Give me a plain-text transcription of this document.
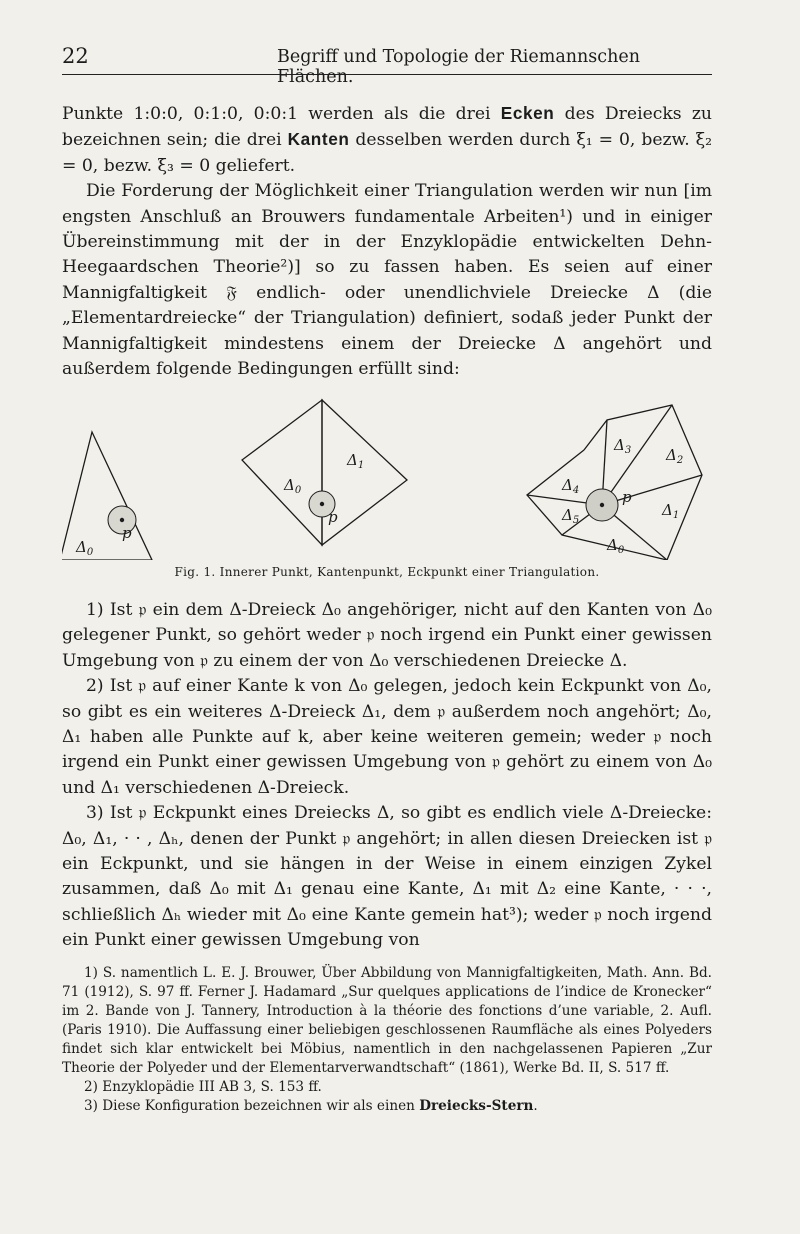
22	Begriff und Topologie der Riemannschen Flächen.

Punkte 1:0:0, 0:1:0, 0:0:1 werden als die drei Ecken des Dreiecks zu bezeichnen sein; die drei Kanten desselben werden durch ξ₁ = 0, bezw. ξ₂ = 0, bezw. ξ₃ = 0 geliefert.

Die Forderung der Möglichkeit einer Triangulation werden wir nun [im engsten Anschluß an Brouwers fundamentale Arbeiten¹) und in einiger Übereinstimmung mit der in der Enzyklopädie entwickelten Dehn-Heegaardschen Theorie²)] so zu fassen haben. Es seien auf einer Mannigfaltigkeit 𝔉 endlich- oder unendlichviele Dreiecke Δ (die „Elementardreiecke“ der Triangulation) definiert, sodaß jeder Punkt der Mannigfaltigkeit mindestens einem der Dreiecke Δ angehört und außerdem folgende Bedingungen erfüllt sind:

$\Delta_0$
p
$\Delta_0$
$\Delta_1$
p
$\Delta_3$ $\Delta_2$
$\Delta_4$
$\Delta_5$
$\Delta_1$
$\Delta_0$
p
Fig. 1. Innerer Punkt, Kantenpunkt, Eckpunkt einer Triangulation.

1) Ist 𝔭 ein dem Δ-Dreieck Δ₀ angehöriger, nicht auf den Kanten von Δ₀ gelegener Punkt, so gehört weder 𝔭 noch irgend ein Punkt einer gewissen Umgebung von 𝔭 zu einem der von Δ₀ verschiedenen Dreiecke Δ.

2) Ist 𝔭 auf einer Kante k von Δ₀ gelegen, jedoch kein Eckpunkt von Δ₀, so gibt es ein weiteres Δ-Dreieck Δ₁, dem 𝔭 außerdem noch angehört; Δ₀, Δ₁ haben alle Punkte auf k, aber keine weiteren gemein; weder 𝔭 noch irgend ein Punkt einer gewissen Umgebung von 𝔭 gehört zu einem von Δ₀ und Δ₁ verschiedenen Δ-Dreieck.

3) Ist 𝔭 Eckpunkt eines Dreiecks Δ, so gibt es endlich viele Δ-Dreiecke: Δ₀, Δ₁, · · , Δₕ, denen der Punkt 𝔭 angehört; in allen diesen Dreiecken ist 𝔭 ein Eckpunkt, und sie hängen in der Weise in einem einzigen Zykel zusammen, daß Δ₀ mit Δ₁ genau eine Kante, Δ₁ mit Δ₂ eine Kante, · · ·, schließlich Δₕ wieder mit Δ₀ eine Kante gemein hat³); weder 𝔭 noch irgend ein Punkt einer gewissen Umgebung von

1) S. namentlich L. E. J. Brouwer, Über Abbildung von Mannigfaltigkeiten, Math. Ann. Bd. 71 (1912), S. 97 ff. Ferner J. Hadamard „Sur quelques applications de l’indice de Kronecker“ im 2. Bande von J. Tannery, Introduction à la théorie des fonctions d’une variable, 2. Aufl. (Paris 1910). Die Auffassung einer beliebigen geschlossenen Raumfläche als eines Polyeders findet sich klar entwickelt bei Möbius, namentlich in den nachgelassenen Papieren „Zur Theorie der Polyeder und der Elementarverwandtschaft“ (1861), Werke Bd. II, S. 517 ff.

2) Enzyklopädie III AB 3, S. 153 ff.

3) Diese Konfiguration bezeichnen wir als einen Dreiecks-Stern.
